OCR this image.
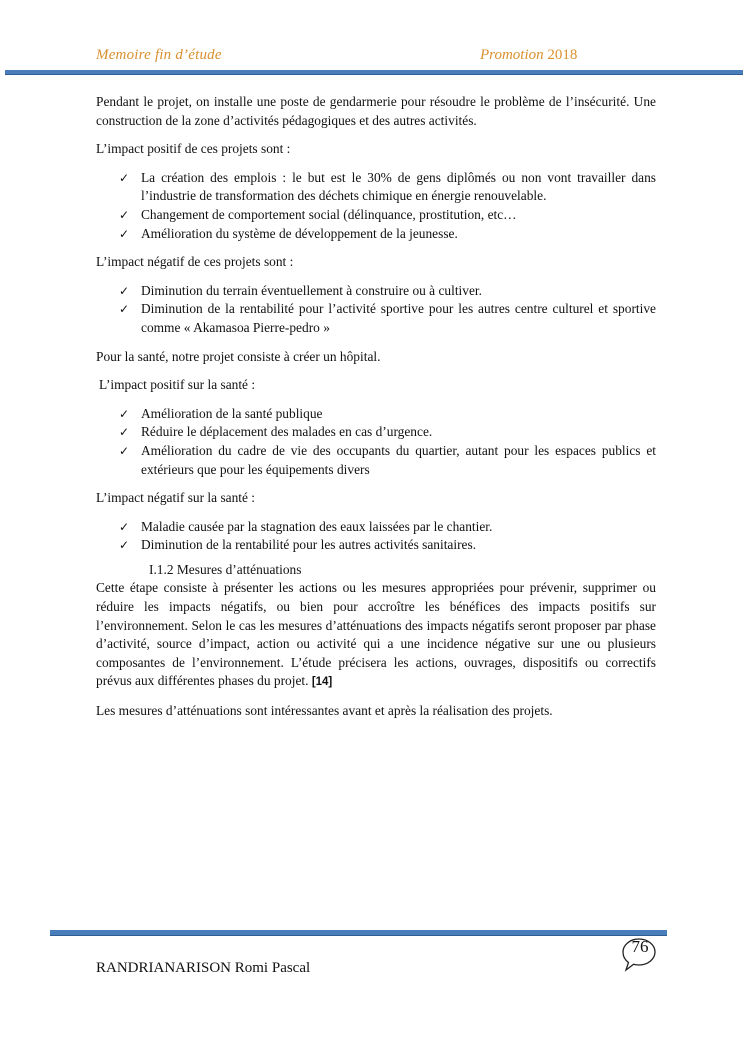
Memoire fin d’étude	Promotion 2018

Pendant le projet, on installe une poste de gendarmerie pour résoudre le problème de l’insécurité. Une construction de la zone d’activités pédagogiques et des autres activités.

L’impact positif de ces projets sont :

✓ La création des emplois : le but est le 30% de gens diplômés ou non vont travailler dans l’industrie de transformation des déchets chimique en énergie renouvelable.
✓ Changement de comportement social (délinquance, prostitution, etc…
✓ Amélioration du système de développement de la jeunesse.

L’impact négatif de ces projets sont :

✓ Diminution du terrain éventuellement à construire ou à cultiver.
✓ Diminution de la rentabilité pour l’activité sportive pour les autres centre culturel et sportive comme « Akamasoa Pierre-pedro »

Pour la santé, notre projet consiste à créer un hôpital.

L’impact positif sur la santé :

✓ Amélioration de la santé publique
✓ Réduire le déplacement des malades en cas d’urgence.
✓ Amélioration du cadre de vie des occupants du quartier, autant pour les espaces publics et extérieurs que pour les équipements divers

L’impact négatif sur la santé :

✓ Maladie causée par la stagnation des eaux laissées par le chantier.
✓ Diminution de la rentabilité pour les autres activités sanitaires.
I.1.2 Mesures d’atténuations

Cette étape consiste à présenter les actions ou les mesures appropriées pour prévenir, supprimer ou réduire les impacts négatifs, ou bien pour accroître les bénéfices des impacts positifs sur l’environnement. Selon le cas les mesures d’atténuations des impacts négatifs seront proposer par phase d’activité, source d’impact, action ou activité qui a une incidence négative sur une ou plusieurs composantes de l’environnement. L’étude précisera les actions, ouvrages, dispositifs ou correctifs prévus aux différentes phases du projet. [14]

Les mesures d’atténuations sont intéressantes avant et après la réalisation des projets.

76
RANDRIANARISON Romi Pascal
